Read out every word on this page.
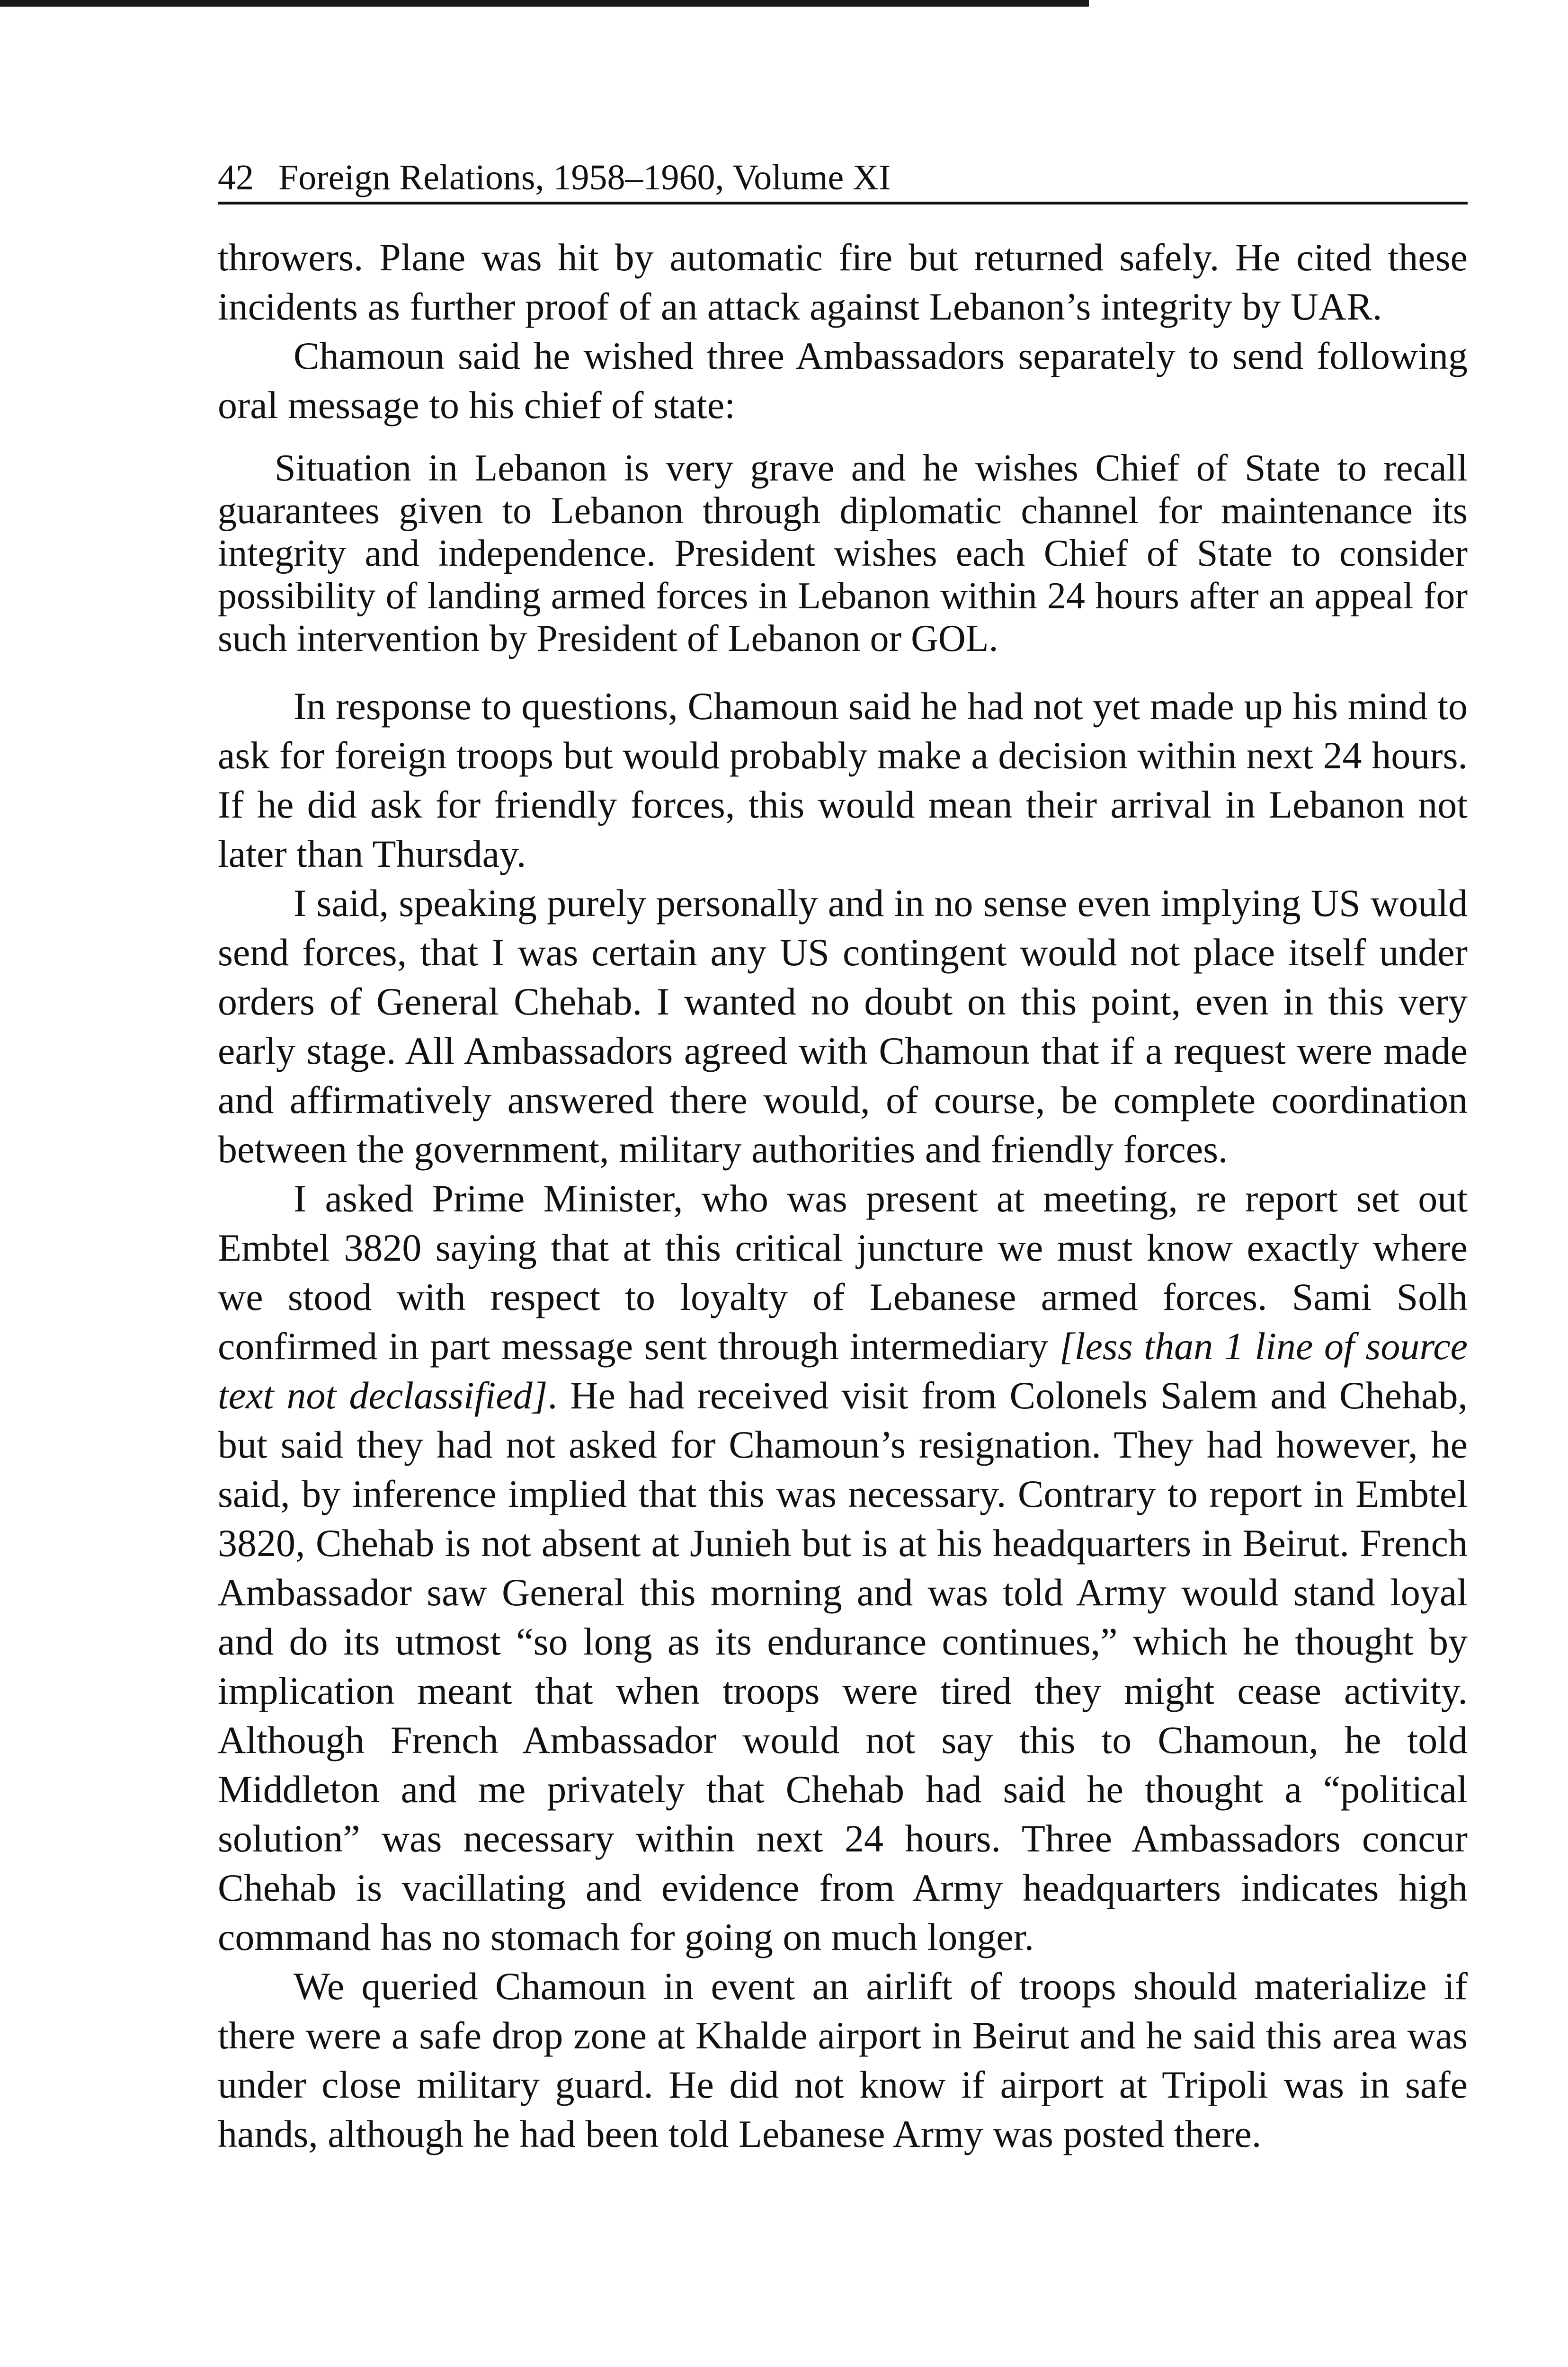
42 Foreign Relations, 1958–1960, Volume XI

throwers. Plane was hit by automatic fire but returned safely. He cited these incidents as further proof of an attack against Lebanon’s integrity by UAR.

Chamoun said he wished three Ambassadors separately to send following oral message to his chief of state:

Situation in Lebanon is very grave and he wishes Chief of State to recall guarantees given to Lebanon through diplomatic channel for maintenance its integrity and independence. President wishes each Chief of State to consider possibility of landing armed forces in Lebanon within 24 hours after an appeal for such intervention by President of Lebanon or GOL.

In response to questions, Chamoun said he had not yet made up his mind to ask for foreign troops but would probably make a decision within next 24 hours. If he did ask for friendly forces, this would mean their arrival in Lebanon not later than Thursday.

I said, speaking purely personally and in no sense even implying US would send forces, that I was certain any US contingent would not place itself under orders of General Chehab. I wanted no doubt on this point, even in this very early stage. All Ambassadors agreed with Chamoun that if a request were made and affirmatively answered there would, of course, be complete coordination between the government, military authorities and friendly forces.

I asked Prime Minister, who was present at meeting, re report set out Embtel 3820 saying that at this critical juncture we must know exactly where we stood with respect to loyalty of Lebanese armed forces. Sami Solh confirmed in part message sent through intermediary [less than 1 line of source text not declassified]. He had received visit from Colonels Salem and Chehab, but said they had not asked for Chamoun’s resignation. They had however, he said, by inference implied that this was necessary. Contrary to report in Embtel 3820, Chehab is not absent at Junieh but is at his headquarters in Beirut. French Ambassador saw General this morning and was told Army would stand loyal and do its utmost “so long as its endurance continues,” which he thought by implication meant that when troops were tired they might cease activity. Although French Ambassador would not say this to Chamoun, he told Middleton and me privately that Chehab had said he thought a “political solution” was necessary within next 24 hours. Three Ambassadors concur Chehab is vacillating and evidence from Army headquarters indicates high command has no stomach for going on much longer.

We queried Chamoun in event an airlift of troops should materialize if there were a safe drop zone at Khalde airport in Beirut and he said this area was under close military guard. He did not know if airport at Tripoli was in safe hands, although he had been told Lebanese Army was posted there.
